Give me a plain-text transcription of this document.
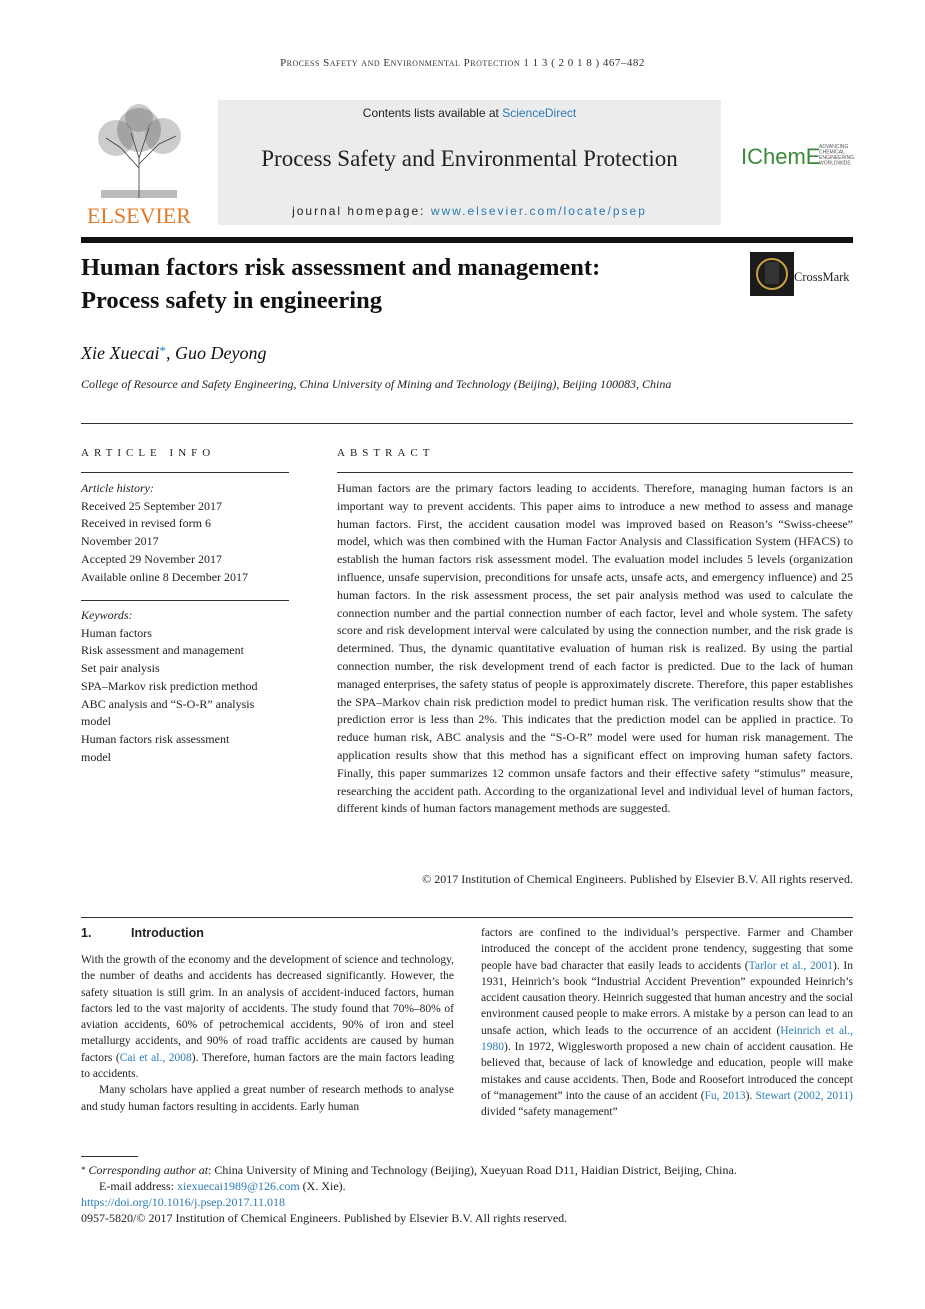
Process Safety and Environmental Protection 1 1 3 ( 2 0 1 8 ) 467–482
ELSEVIER
Contents lists available at ScienceDirect
Process Safety and Environmental Protection
journal homepage: www.elsevier.com/locate/psep
IChemE
ADVANCING
CHEMICAL
ENGINEERING
WORLDWIDE
Human factors risk assessment and management:
Process safety in engineering
CrossMark
Xie Xuecai*, Guo Deyong
College of Resource and Safety Engineering, China University of Mining and Technology (Beijing), Beijing 100083, China
ARTICLE INFO
Article history:
Received 25 September 2017
Received in revised form 6
November 2017
Accepted 29 November 2017
Available online 8 December 2017
Keywords:
Human factors
Risk assessment and management
Set pair analysis
SPA–Markov risk prediction method
ABC analysis and “S-O-R” analysis
model
Human factors risk assessment
model
ABSTRACT
Human factors are the primary factors leading to accidents. Therefore, managing human factors is an important way to prevent accidents. This paper aims to introduce a new method to assess and manage human factors. First, the accident causation model was improved based on Reason’s “Swiss-cheese” model, which was then combined with the Human Factor Analysis and Classification System (HFACS) to establish the human factors risk assessment model. The evaluation model includes 5 levels (organization influence, unsafe supervision, preconditions for unsafe acts, unsafe acts, and emergency influence) and 25 human factors. In the risk assessment process, the set pair analysis method was used to calculate the connection number and the partial connection number of each factor, level and whole system. The safety score and risk development interval were calculated by using the connection number, and the risk grade is determined. Thus, the dynamic quantitative evaluation of human risk is realized. By using the partial connection number, the risk development trend of each factor is predicted. Due to the lack of human managed enterprises, the safety status of people is approximately discrete. Therefore, this paper establishes the SPA–Markov chain risk prediction model to predict human risk. The verification results show that the prediction error is less than 2%. This indicates that the prediction model can be applied in practice. To reduce human risk, ABC analysis and the “S-O-R” model were used for human risk management. The application results show that this method has a significant effect on improving human safety factors. Finally, this paper summarizes 12 common unsafe factors and their effective safety “stimulus” measure, researching the accident path. According to the organizational level and individual level of human factors, different kinds of human factors management methods are suggested.
© 2017 Institution of Chemical Engineers. Published by Elsevier B.V. All rights reserved.
1.	Introduction

With the growth of the economy and the development of science and technology, the number of deaths and accidents has decreased significantly. However, the safety situation is still grim. In an analysis of accident-induced factors, human factors led to the vast majority of accidents. The study found that 70%–80% of aviation accidents, 60% of petrochemical accidents, 90% of iron and steel metallurgy accidents, and 90% of road traffic accidents are caused by human factors (Cai et al., 2008). Therefore, human factors are the main factors leading to accidents.

Many scholars have applied a great number of research methods to analyse and study human factors resulting in accidents. Early human

factors are confined to the individual’s perspective. Farmer and Chamber introduced the concept of the accident prone tendency, suggesting that some people have bad character that easily leads to accidents (Tarlor et al., 2001). In 1931, Heinrich’s book “Industrial Accident Prevention” expounded Heinrich’s accident causation theory. Heinrich suggested that human ancestry and the social environment caused people to make errors. A mistake by a person can lead to an unsafe action, which leads to the occurrence of an accident (Heinrich et al., 1980). In 1972, Wigglesworth proposed a new chain of accident causation. He believed that, because of lack of knowledge and education, people will make mistakes and cause accidents. Then, Bode and Roosefort introduced the concept of “management” into the cause of an accident (Fu, 2013). Stewart (2002, 2011) divided “safety management”

* Corresponding author at: China University of Mining and Technology (Beijing), Xueyuan Road D11, Haidian District, Beijing, China.
E-mail address: xiexuecai1989@126.com (X. Xie).
https://doi.org/10.1016/j.psep.2017.11.018
0957-5820/© 2017 Institution of Chemical Engineers. Published by Elsevier B.V. All rights reserved.
